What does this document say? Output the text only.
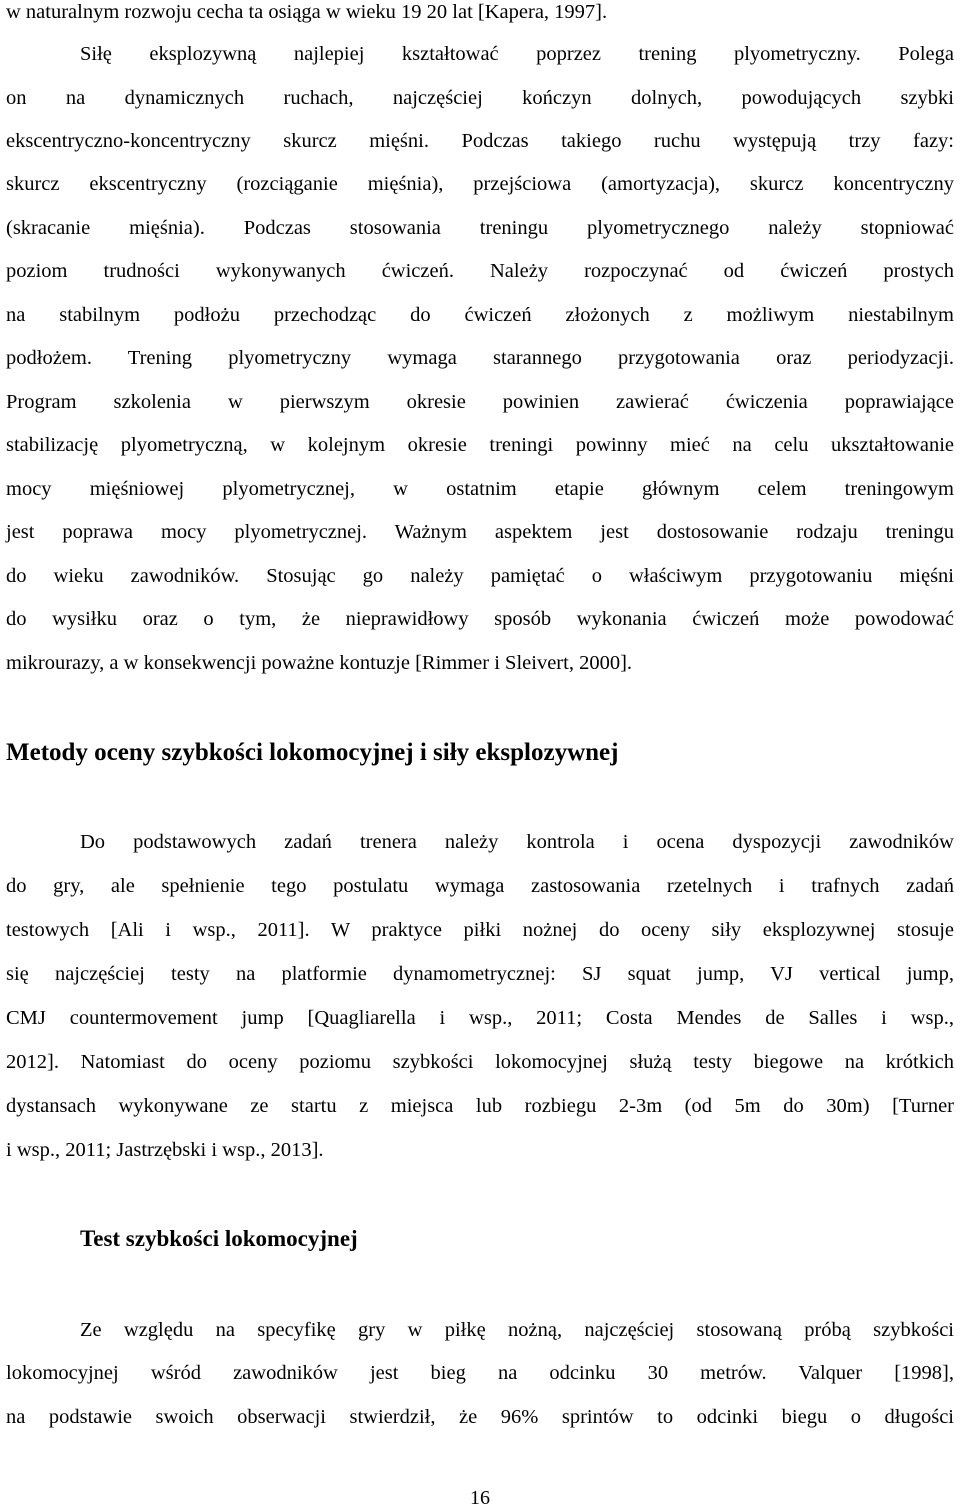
w naturalnym rozwoju cecha ta osiąga w wieku 19 20 lat [Kapera, 1997].
Siłę eksplozywną najlepiej kształtować poprzez trening plyometryczny. Polega
on na dynamicznych ruchach, najczęściej kończyn dolnych, powodujących szybki
ekscentryczno-koncentryczny skurcz mięśni. Podczas takiego ruchu występują trzy fazy:
skurcz ekscentryczny (rozciąganie mięśnia), przejściowa (amortyzacja), skurcz koncentryczny
(skracanie mięśnia). Podczas stosowania treningu plyometrycznego należy stopniować
poziom trudności wykonywanych ćwiczeń. Należy rozpoczynać od ćwiczeń prostych
na stabilnym podłożu przechodząc do ćwiczeń złożonych z możliwym niestabilnym
podłożem. Trening plyometryczny wymaga starannego przygotowania oraz periodyzacji.
Program szkolenia w pierwszym okresie powinien zawierać ćwiczenia poprawiające
stabilizację plyometryczną, w kolejnym okresie treningi powinny mieć na celu ukształtowanie
mocy mięśniowej plyometrycznej, w ostatnim etapie głównym celem treningowym
jest poprawa mocy plyometrycznej. Ważnym aspektem jest dostosowanie rodzaju treningu
do wieku zawodników. Stosując go należy pamiętać o właściwym przygotowaniu mięśni
do wysiłku oraz o tym, że nieprawidłowy sposób wykonania ćwiczeń może powodować
mikrourazy, a w konsekwencji poważne kontuzje [Rimmer i Sleivert, 2000].
Metody oceny szybkości lokomocyjnej i siły eksplozywnej
Do podstawowych zadań trenera należy kontrola i ocena dyspozycji zawodników
do gry, ale spełnienie tego postulatu wymaga zastosowania rzetelnych i trafnych zadań
testowych [Ali i wsp., 2011]. W praktyce piłki nożnej do oceny siły eksplozywnej stosuje
się najczęściej testy na platformie dynamometrycznej: SJ squat jump, VJ vertical jump,
CMJ countermovement jump [Quagliarella i wsp., 2011; Costa Mendes de Salles i wsp.,
2012]. Natomiast do oceny poziomu szybkości lokomocyjnej służą testy biegowe na krótkich
dystansach wykonywane ze startu z miejsca lub rozbiegu 2-3m (od 5m do 30m) [Turner
i wsp., 2011; Jastrzębski i wsp., 2013].
Test szybkości lokomocyjnej
Ze względu na specyfikę gry w piłkę nożną, najczęściej stosowaną próbą szybkości
lokomocyjnej wśród zawodników jest bieg na odcinku 30 metrów. Valquer [1998],
na podstawie swoich obserwacji stwierdził, że 96% sprintów to odcinki biegu o długości
16
